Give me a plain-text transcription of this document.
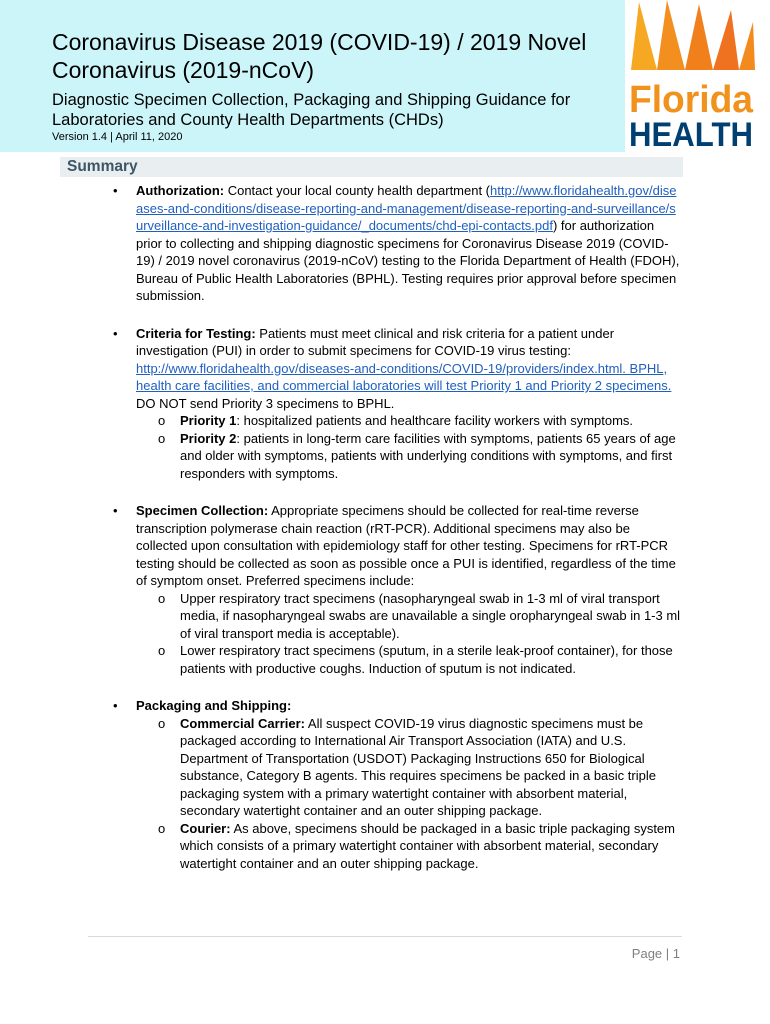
Coronavirus Disease 2019 (COVID-19) / 2019 Novel
Coronavirus (2019-nCoV)
Diagnostic Specimen Collection, Packaging and Shipping Guidance for
Laboratories and County Health Departments (CHDs)
Version 1.4 | April 11, 2020
Florida
HEALTH
Summary
• Authorization: Contact your local county health department (http://www.floridahealth.gov/diseases-and-conditions/disease-reporting-and-management/disease-reporting-and-surveillance/surveillance-and-investigation-guidance/_documents/chd-epi-contacts.pdf) for authorization prior to collecting and shipping diagnostic specimens for Coronavirus Disease 2019 (COVID-19) / 2019 novel coronavirus (2019-nCoV) testing to the Florida Department of Health (FDOH), Bureau of Public Health Laboratories (BPHL). Testing requires prior approval before specimen submission.
• Criteria for Testing: Patients must meet clinical and risk criteria for a patient under investigation (PUI) in order to submit specimens for COVID-19 virus testing: http://www.floridahealth.gov/diseases-and-conditions/COVID-19/providers/index.html. BPHL, health care facilities, and commercial laboratories will test Priority 1 and Priority 2 specimens. DO NOT send Priority 3 specimens to BPHL.
o Priority 1: hospitalized patients and healthcare facility workers with symptoms.
o Priority 2: patients in long-term care facilities with symptoms, patients 65 years of age and older with symptoms, patients with underlying conditions with symptoms, and first responders with symptoms.
• Specimen Collection: Appropriate specimens should be collected for real-time reverse transcription polymerase chain reaction (rRT-PCR). Additional specimens may also be collected upon consultation with epidemiology staff for other testing. Specimens for rRT-PCR testing should be collected as soon as possible once a PUI is identified, regardless of the time of symptom onset. Preferred specimens include:
o Upper respiratory tract specimens (nasopharyngeal swab in 1-3 ml of viral transport media, if nasopharyngeal swabs are unavailable a single oropharyngeal swab in 1-3 ml of viral transport media is acceptable).
o Lower respiratory tract specimens (sputum, in a sterile leak-proof container), for those patients with productive coughs. Induction of sputum is not indicated.
• Packaging and Shipping:
o Commercial Carrier: All suspect COVID-19 virus diagnostic specimens must be packaged according to International Air Transport Association (IATA) and U.S. Department of Transportation (USDOT) Packaging Instructions 650 for Biological substance, Category B agents. This requires specimens be packed in a basic triple packaging system with a primary watertight container with absorbent material, secondary watertight container and an outer shipping package.
o Courier: As above, specimens should be packaged in a basic triple packaging system which consists of a primary watertight container with absorbent material, secondary watertight container and an outer shipping package.
Page | 1
